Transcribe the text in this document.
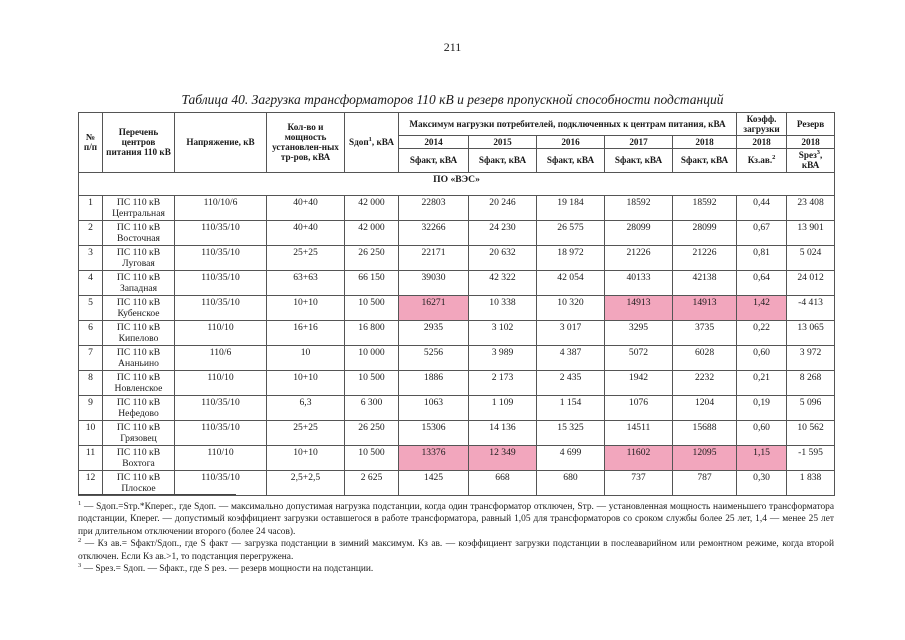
211
Таблица 40. Загрузка трансформаторов 110 кВ и резерв пропускной способности подстанций
№ п/п	Перечень центров питания 110 кВ	Напряжение, кВ	Кол-во и мощность установлен-ных тр-ров, кВА	Sдоп$^1$, кВА	Максимум нагрузки потребителей, подключенных к центрам питания, кВА					Коэфф. загрузки	Резерв
					2014	2015	2016	2017	2018	2018	2018
					Sфакт, кВА	Sфакт, кВА	Sфакт, кВА	Sфакт, кВА	Sфакт, кВА	Кз.ав.$^2$	Sрез$^3$, кВА
ПО «ВЭС»											
1	ПС 110 кВ Центральная	110/10/6	40+40	42 000	22803	20 246	19 184	18592	18592	0,44	23 408
2	ПС 110 кВ Восточная	110/35/10	40+40	42 000	32266	24 230	26 575	28099	28099	0,67	13 901
3	ПС 110 кВ Луговая	110/35/10	25+25	26 250	22171	20 632	18 972	21226	21226	0,81	5 024
4	ПС 110 кВ Западная	110/35/10	63+63	66 150	39030	42 322	42 054	40133	42138	0,64	24 012
5	ПС 110 кВ Кубенское	110/35/10	10+10	10 500	16271	10 338	10 320	14913	14913	1,42	-4 413
6	ПС 110 кВ Кипелово	110/10	16+16	16 800	2935	3 102	3 017	3295	3735	0,22	13 065
7	ПС 110 кВ Ананьино	110/6	10	10 000	5256	3 989	4 387	5072	6028	0,60	3 972
8	ПС 110 кВ Новленское	110/10	10+10	10 500	1886	2 173	2 435	1942	2232	0,21	8 268
9	ПС 110 кВ Нефедово	110/35/10	6,3	6 300	1063	1 109	1 154	1076	1204	0,19	5 096
10	ПС 110 кВ Грязовец	110/35/10	25+25	26 250	15306	14 136	15 325	14511	15688	0,60	10 562
11	ПС 110 кВ Вохтога	110/10	10+10	10 500	13376	12 349	4 699	11602	12095	1,15	-1 595
12	ПС 110 кВ Плоское	110/35/10	2,5+2,5	2 625	1425	668	680	737	787	0,30	1 838

$^1$ — Sдоп.=Sтр.*Кперег., где Sдоп. — максимально допустимая нагрузка подстанции, когда один трансформатор отключен, Sтр. — установленная мощность наименьшего трансформатора подстанции, Кперег. — допустимый коэффициент загрузки оставшегося в работе трансформатора, равный 1,05 для трансформаторов со сроком службы более 25 лет, 1,4 — менее 25 лет при длительном отключении второго (более 24 часов).

$^2$ — Кз ав.= Sфакт/Sдоп., где S факт — загрузка подстанции в зимний максимум. Кз ав. — коэффициент загрузки подстанции в послеаварийном или ремонтном режиме, когда второй отключен. Если Кз ав.>1, то подстанция перегружена.

$^3$ — Sрез.= Sдоп. — Sфакт., где S рез. — резерв мощности на подстанции.
